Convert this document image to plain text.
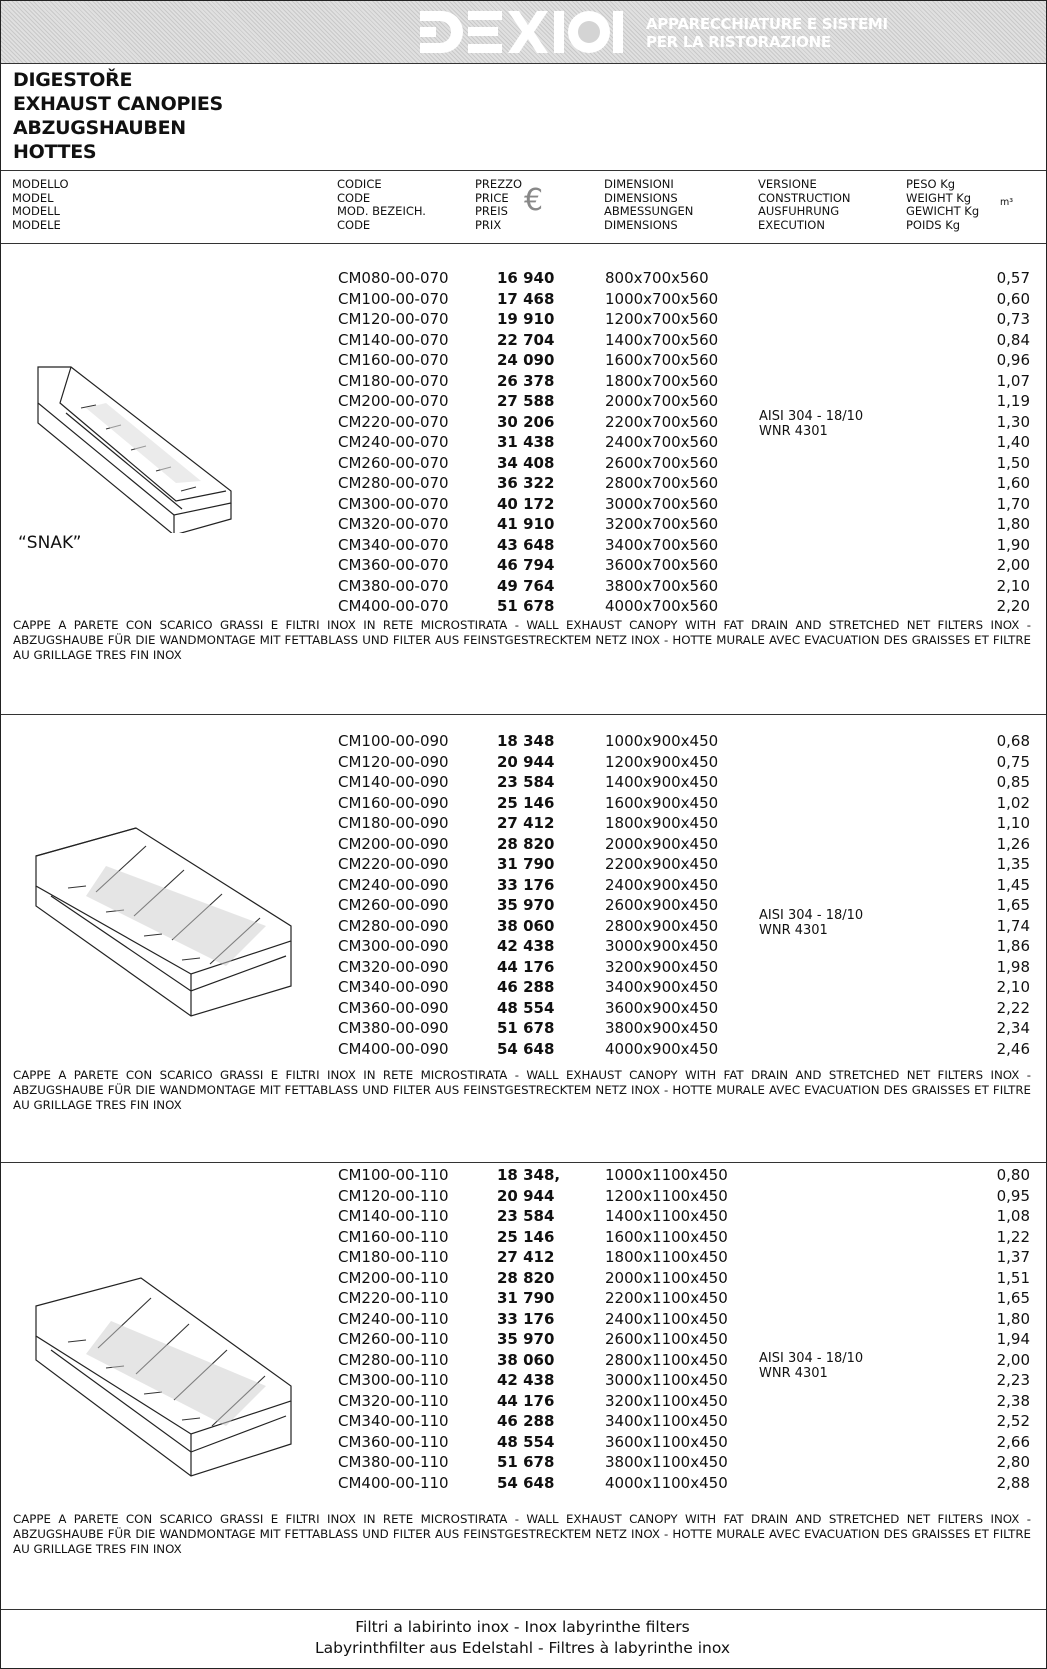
APPARECCHIATURE E SISTEMI
PER LA RISTORAZIONE
DIGESTOŘE
EXHAUST CANOPIES
ABZUGSHAUBEN
HOTTES
MODELLO
MODEL
MODELL
MODELE
CODICE
CODE
MOD. BEZEICH.
CODE
PREZZO
PRICE
PREIS
PRIX
€	DIMENSIONI
DIMENSIONS
ABMESSUNGEN
DIMENSIONS
VERSIONE
CONSTRUCTION
AUSFUHRUNG
EXECUTION
PESO Kg
WEIGHT Kg
GEWICHT Kg
POIDS Kg
m³
“SNAK”
AISI 304 - 18/10
WNR 4301
CAPPE A PARETE CON SCARICO GRASSI E FILTRI INOX IN RETE MICROSTIRATA - WALL EXHAUST CANOPY WITH FAT DRAIN AND STRETCHED NET FILTERS INOX - ABZUGSHAUBE FÜR DIE WANDMONTAGE MIT FETTABLASS UND FILTER AUS FEINSTGESTRECKTEM NETZ INOX - HOTTE MURALE AVEC EVACUATION DES GRAISSES ET FILTRE AU GRILLAGE TRES FIN INOX
CM080-00-070	16 940	800x700x560	0,57
CM100-00-070	17 468	1000x700x560	0,60
CM120-00-070	19 910	1200x700x560	0,73
CM140-00-070	22 704	1400x700x560	0,84
CM160-00-070	24 090	1600x700x560	0,96
CM180-00-070	26 378	1800x700x560	1,07
CM200-00-070	27 588	2000x700x560	1,19
CM220-00-070	30 206	2200x700x560	1,30
CM240-00-070	31 438	2400x700x560	1,40
CM260-00-070	34 408	2600x700x560	1,50
CM280-00-070	36 322	2800x700x560	1,60
CM300-00-070	40 172	3000x700x560	1,70
CM320-00-070	41 910	3200x700x560	1,80
CM340-00-070	43 648	3400x700x560	1,90
CM360-00-070	46 794	3600x700x560	2,00
CM380-00-070	49 764	3800x700x560	2,10
CM400-00-070	51 678	4000x700x560	2,20
AISI 304 - 18/10
WNR 4301
CAPPE A PARETE CON SCARICO GRASSI E FILTRI INOX IN RETE MICROSTIRATA - WALL EXHAUST CANOPY WITH FAT DRAIN AND STRETCHED NET FILTERS INOX - ABZUGSHAUBE FÜR DIE WANDMONTAGE MIT FETTABLASS UND FILTER AUS FEINSTGESTRECKTEM NETZ INOX - HOTTE MURALE AVEC EVACUATION DES GRAISSES ET FILTRE AU GRILLAGE TRES FIN INOX
CM100-00-090	18 348	1000x900x450	0,68
CM120-00-090	20 944	1200x900x450	0,75
CM140-00-090	23 584	1400x900x450	0,85
CM160-00-090	25 146	1600x900x450	1,02
CM180-00-090	27 412	1800x900x450	1,10
CM200-00-090	28 820	2000x900x450	1,26
CM220-00-090	31 790	2200x900x450	1,35
CM240-00-090	33 176	2400x900x450	1,45
CM260-00-090	35 970	2600x900x450	1,65
CM280-00-090	38 060	2800x900x450	1,74
CM300-00-090	42 438	3000x900x450	1,86
CM320-00-090	44 176	3200x900x450	1,98
CM340-00-090	46 288	3400x900x450	2,10
CM360-00-090	48 554	3600x900x450	2,22
CM380-00-090	51 678	3800x900x450	2,34
CM400-00-090	54 648	4000x900x450	2,46
AISI 304 - 18/10
WNR 4301
CAPPE A PARETE CON SCARICO GRASSI E FILTRI INOX IN RETE MICROSTIRATA - WALL EXHAUST CANOPY WITH FAT DRAIN AND STRETCHED NET FILTERS INOX - ABZUGSHAUBE FÜR DIE WANDMONTAGE MIT FETTABLASS UND FILTER AUS FEINSTGESTRECKTEM NETZ INOX - HOTTE MURALE AVEC EVACUATION DES GRAISSES ET FILTRE AU GRILLAGE TRES FIN INOX
CM100-00-110	18 348,	1000x1100x450	0,80
CM120-00-110	20 944	1200x1100x450	0,95
CM140-00-110	23 584	1400x1100x450	1,08
CM160-00-110	25 146	1600x1100x450	1,22
CM180-00-110	27 412	1800x1100x450	1,37
CM200-00-110	28 820	2000x1100x450	1,51
CM220-00-110	31 790	2200x1100x450	1,65
CM240-00-110	33 176	2400x1100x450	1,80
CM260-00-110	35 970	2600x1100x450	1,94
CM280-00-110	38 060	2800x1100x450	2,00
CM300-00-110	42 438	3000x1100x450	2,23
CM320-00-110	44 176	3200x1100x450	2,38
CM340-00-110	46 288	3400x1100x450	2,52
CM360-00-110	48 554	3600x1100x450	2,66
CM380-00-110	51 678	3800x1100x450	2,80
CM400-00-110	54 648	4000x1100x450	2,88
Filtri a labirinto inox - Inox labyrinthe filters
Labyrinthfilter aus Edelstahl - Filtres à labyrinthe inox
